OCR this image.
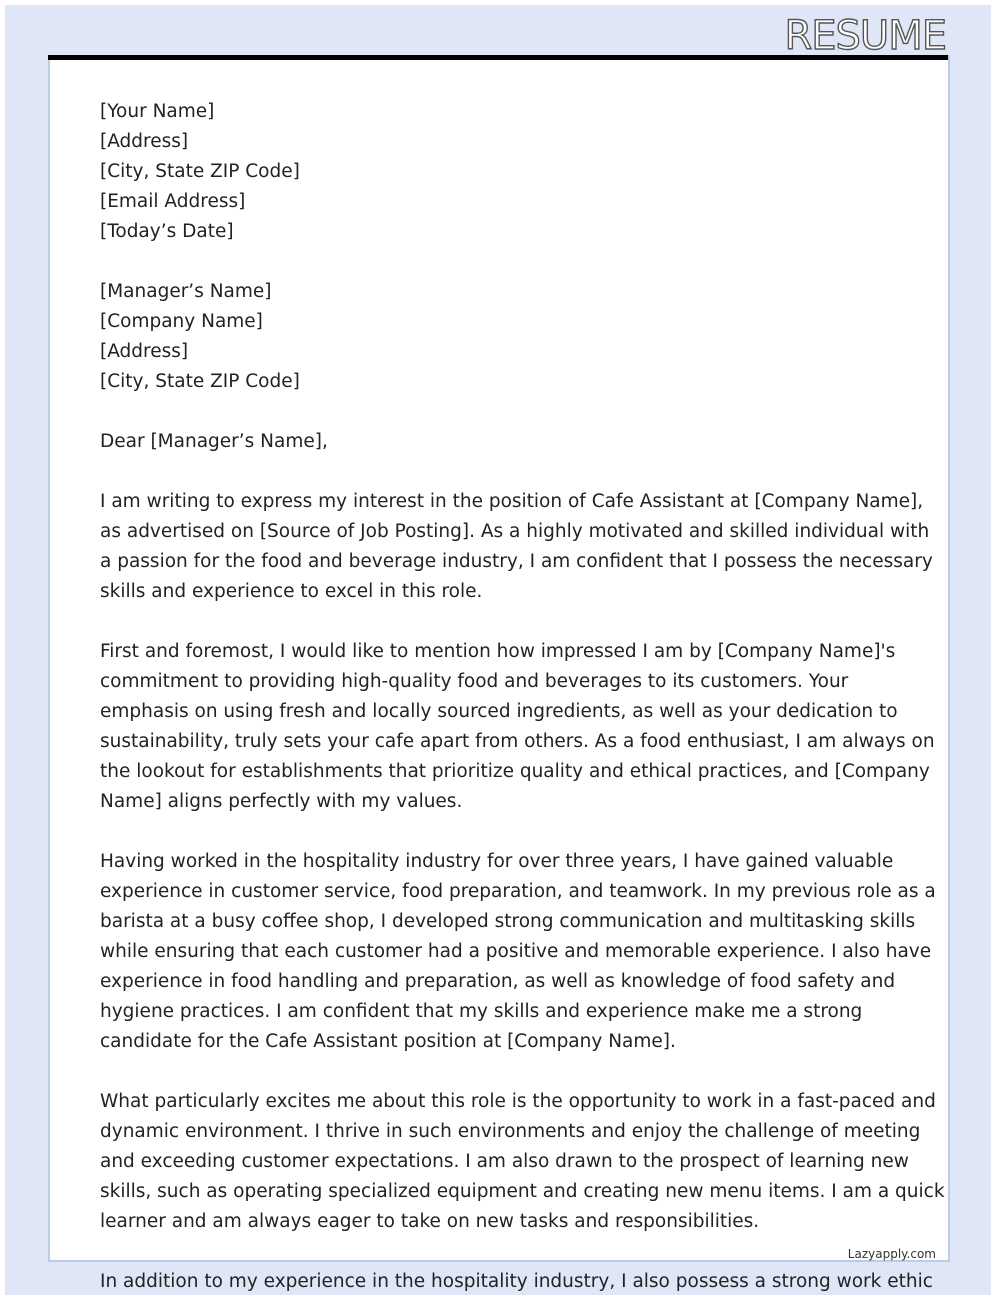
RESUME
Lazyapply.com
[Your Name]
[Address]
[City, State ZIP Code]
[Email Address]
[Today’s Date]
[Manager’s Name]
[Company Name]
[Address]
[City, State ZIP Code]
Dear [Manager’s Name],
I am writing to express my interest in the position of Cafe Assistant at [Company Name],
as advertised on [Source of Job Posting]. As a highly motivated and skilled individual with
a passion for the food and beverage industry, I am confident that I possess the necessary
skills and experience to excel in this role.
First and foremost, I would like to mention how impressed I am by [Company Name]'s
commitment to providing high-quality food and beverages to its customers. Your
emphasis on using fresh and locally sourced ingredients, as well as your dedication to
sustainability, truly sets your cafe apart from others. As a food enthusiast, I am always on
the lookout for establishments that prioritize quality and ethical practices, and [Company
Name] aligns perfectly with my values.
Having worked in the hospitality industry for over three years, I have gained valuable
experience in customer service, food preparation, and teamwork. In my previous role as a
barista at a busy coffee shop, I developed strong communication and multitasking skills
while ensuring that each customer had a positive and memorable experience. I also have
experience in food handling and preparation, as well as knowledge of food safety and
hygiene practices. I am confident that my skills and experience make me a strong
candidate for the Cafe Assistant position at [Company Name].
What particularly excites me about this role is the opportunity to work in a fast-paced and
dynamic environment. I thrive in such environments and enjoy the challenge of meeting
and exceeding customer expectations. I am also drawn to the prospect of learning new
skills, such as operating specialized equipment and creating new menu items. I am a quick
learner and am always eager to take on new tasks and responsibilities.
In addition to my experience in the hospitality industry, I also possess a strong work ethic
